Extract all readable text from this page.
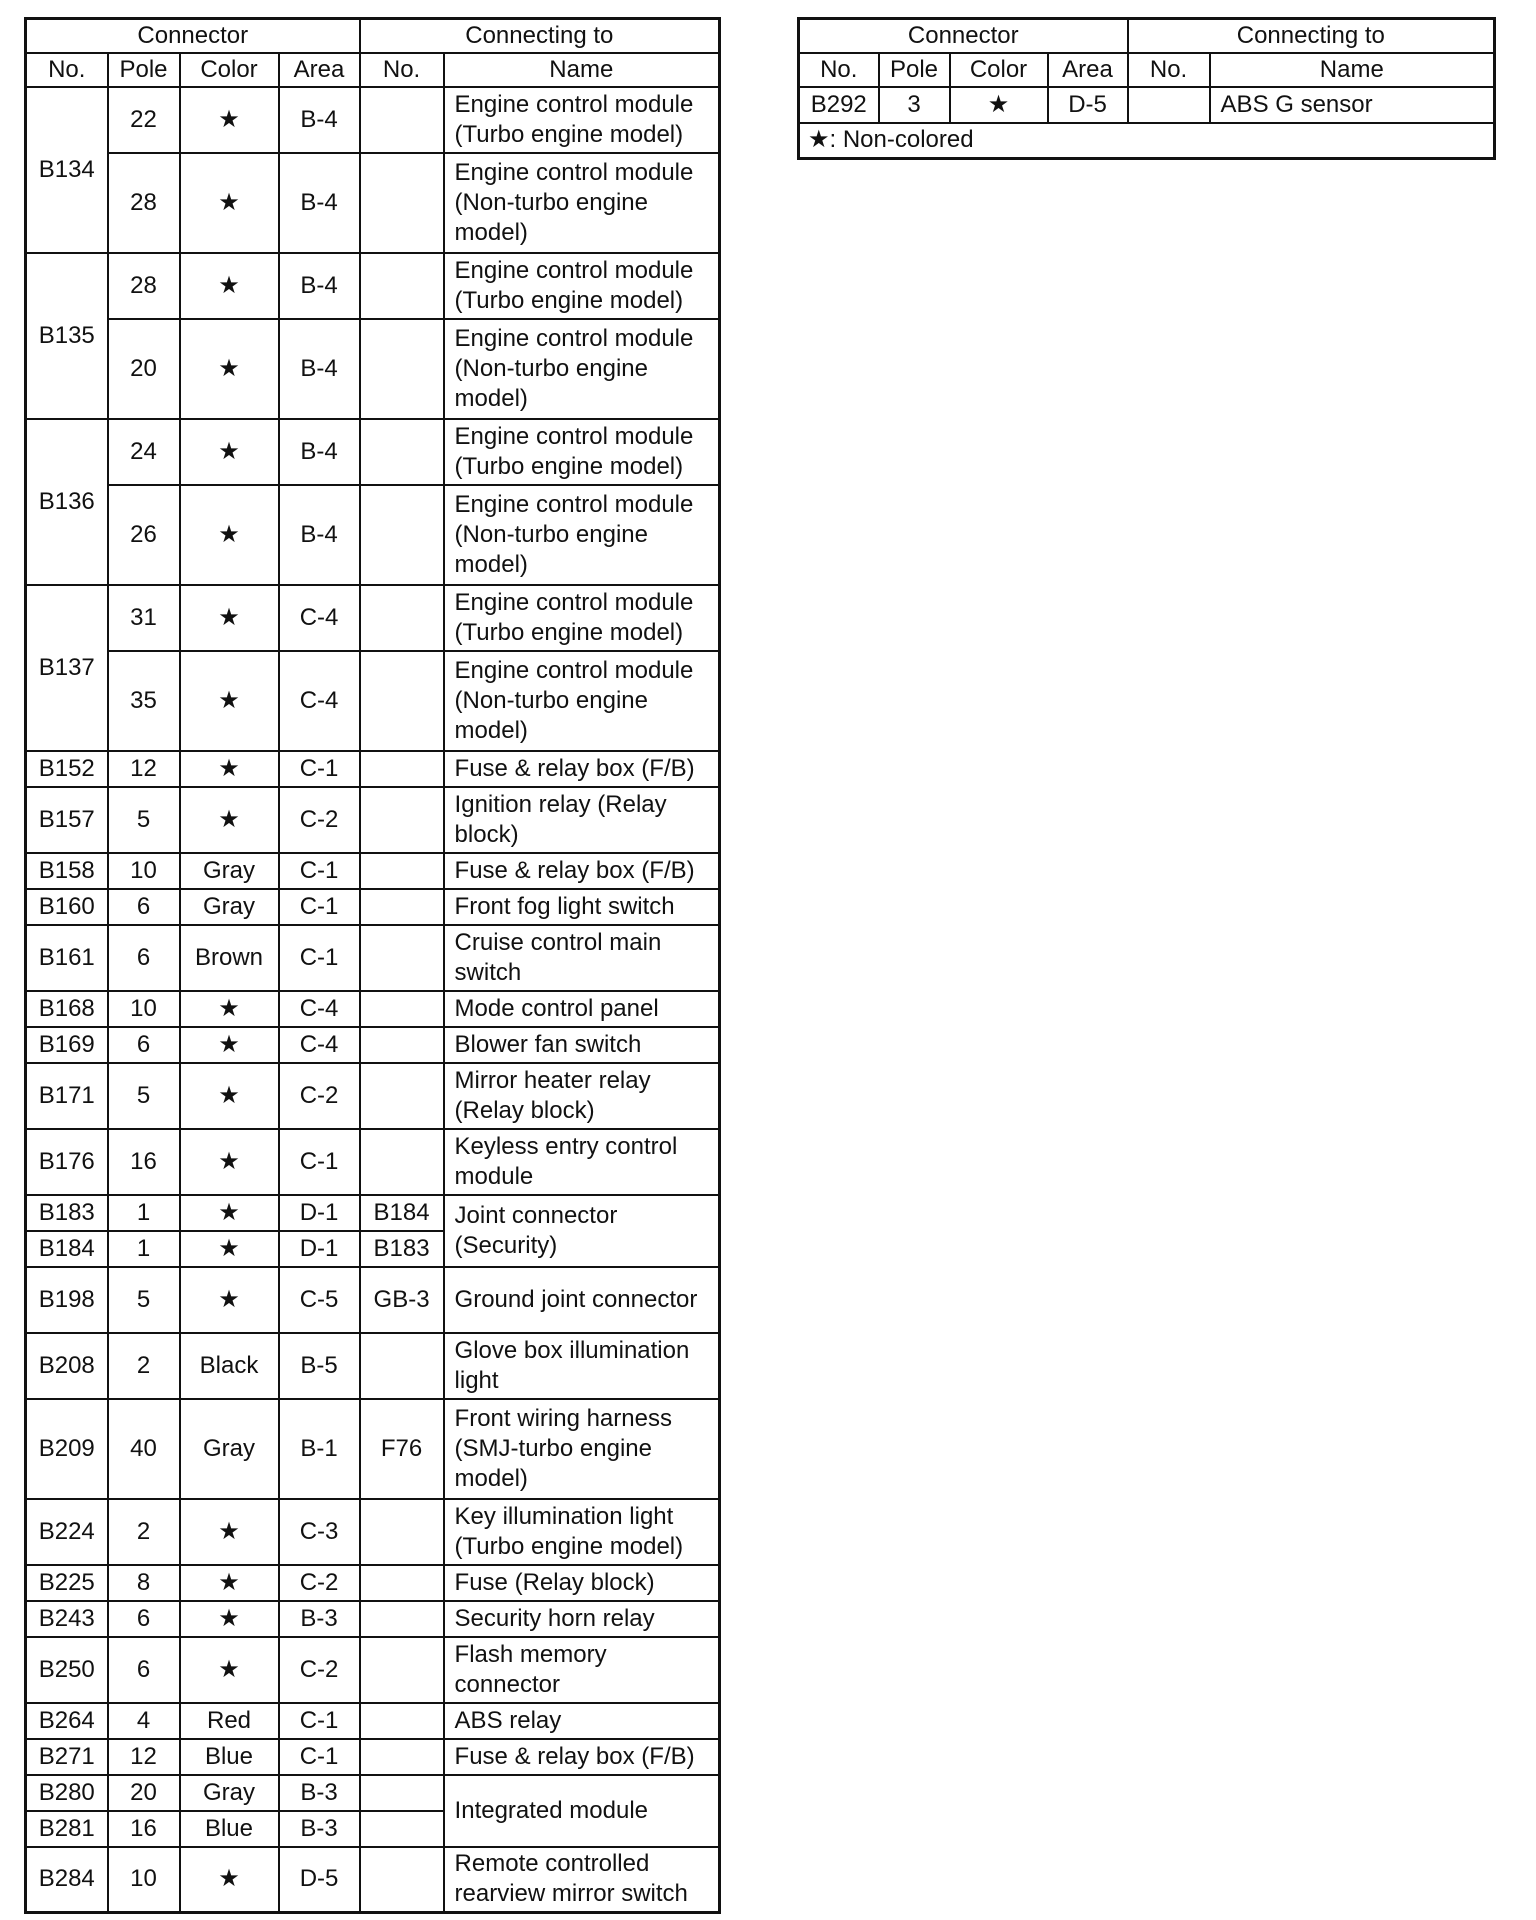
Connector				Connecting to	
No.	Pole	Color	Area	No.	Name
B134	22	★	B-4		Engine control module (Turbo engine model)
	28	★	B-4		Engine control module (Non-turbo engine model)
B135	28	★	B-4		Engine control module (Turbo engine model)
	20	★	B-4		Engine control module (Non-turbo engine model)
B136	24	★	B-4		Engine control module (Turbo engine model)
	26	★	B-4		Engine control module (Non-turbo engine model)
B137	31	★	C-4		Engine control module (Turbo engine model)
	35	★	C-4		Engine control module (Non-turbo engine model)
B152	12	★	C-1		Fuse & relay box (F/B)
B157	5	★	C-2		Ignition relay (Relay block)
B158	10	Gray	C-1		Fuse & relay box (F/B)
B160	6	Gray	C-1		Front fog light switch
B161	6	Brown	C-1		Cruise control main switch
B168	10	★	C-4		Mode control panel
B169	6	★	C-4		Blower fan switch
B171	5	★	C-2		Mirror heater relay (Relay block)
B176	16	★	C-1		Keyless entry control module
B183	1	★	D-1	B184	Joint connector (Security)
B184	1	★	D-1	B183	
B198	5	★	C-5	GB-3	Ground joint connector
B208	2	Black	B-5		Glove box illumination light
B209	40	Gray	B-1	F76	Front wiring harness (SMJ-turbo engine model)
B224	2	★	C-3		Key illumination light (Turbo engine model)
B225	8	★	C-2		Fuse (Relay block)
B243	6	★	B-3		Security horn relay
B250	6	★	C-2		Flash memory connector
B264	4	Red	C-1		ABS relay
B271	12	Blue	C-1		Fuse & relay box (F/B)
B280	20	Gray	B-3		Integrated module
B281	16	Blue	B-3		
B284	10	★	D-5		Remote controlled rearview mirror switch
Connector				Connecting to	
No.	Pole	Color	Area	No.	Name
B292	3	★	D-5		ABS G sensor
★: Non-colored					
